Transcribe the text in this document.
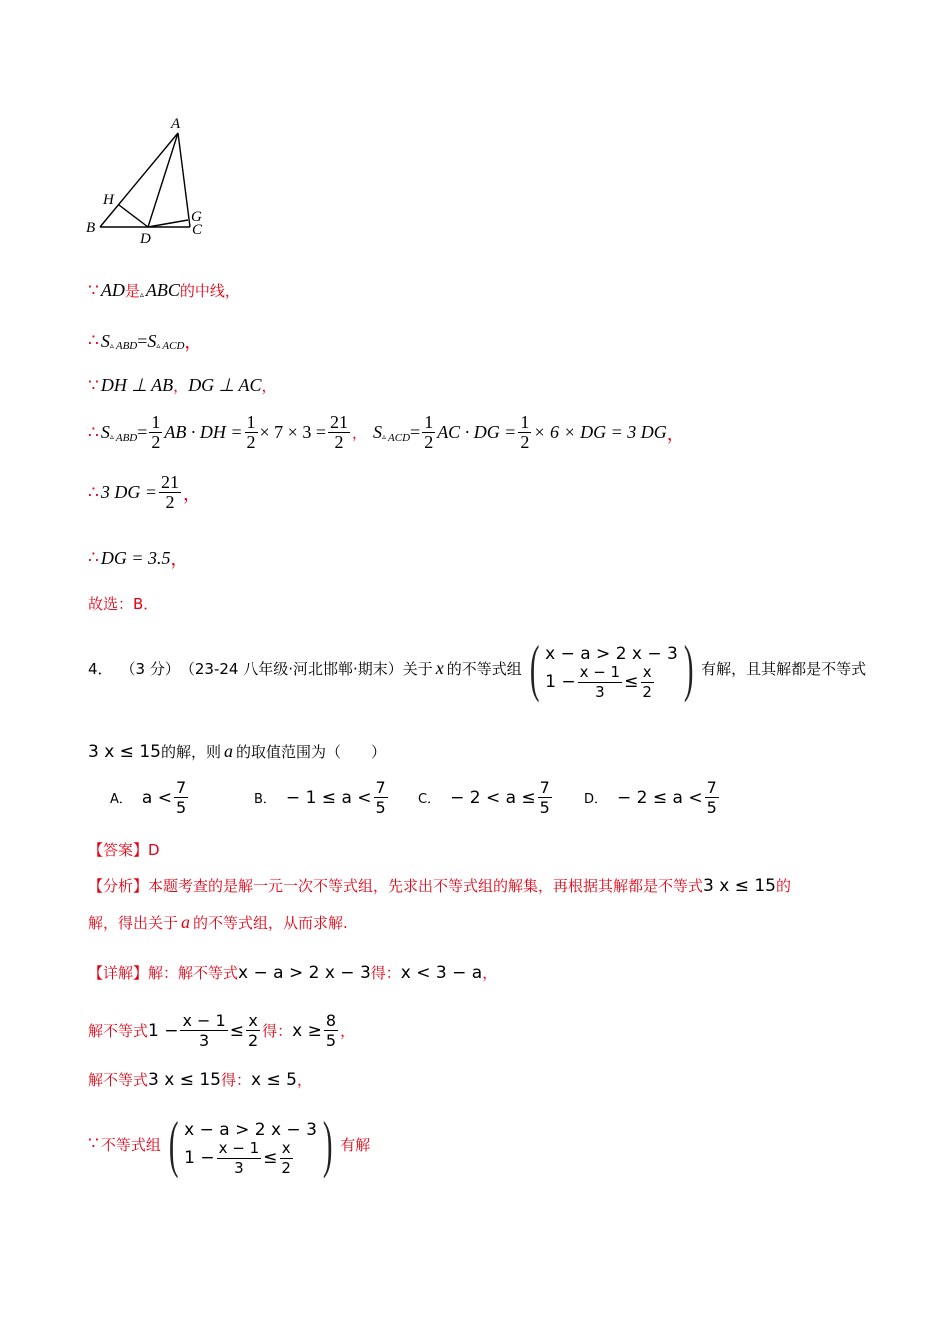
A
H
B
D
G
C
∵ AD 是 ▵ ABC 的中线，
∴ S ▵ ABD = S ▵ ACD ，
∵ DH ⊥ AB ， DG ⊥ AC ，
∴ S ▵ ABD = $\frac{1}{2}$ AB · DH = $\frac{1}{2} \times 7 \times 3 = \frac{21}{2}$ ， S ▵ ACD = $\frac{1}{2}$ AC · DG = $\frac{1}{2} \times 6$ × DG = 3 DG ，
∴ 3 DG = $\frac{21}{2}$ ，
∴ DG = 3.5 ，
故选：B．
4． （3 分） （23-24 八年级·河北邯郸·期末） 关于 x 的不等式组 ( x − a > 2 x − 3
$1 - \frac{x - 1}{3} \le \frac{x}{2}$ ) 有解，且其解都是不等式
3 x ≤ 15 的解，则 a 的取值范围为（　　）
A． $a < \frac{7}{5}$	B． − $1 \le a < \frac{7}{5}$ C． − $2 < a \le \frac{7}{5}$ D． − $2 \le a < \frac{7}{5}$
【答案】 D
【分析】 本题考查的是解一元一次不等式组，先求出不等式组的解集，再根据其解都是不等式 3 x ≤ 15 的
解，得出关于 a 的不等式组，从而求解.
【详解】 解：解不等式 x − a > 2 x − 3 得： x < 3 − a ，
解不等式 $1 - \frac{x - 1}{3} \le \frac{x}{2}$ 得： $x \ge \frac{8}{5}$ ，
解不等式 3 x ≤ 15 得： x ≤ 5 ，
∵ 不等式组 ( x − a > 2 x − 3
$1 - \frac{x - 1}{3} \le \frac{x}{2}$ ) 有解
